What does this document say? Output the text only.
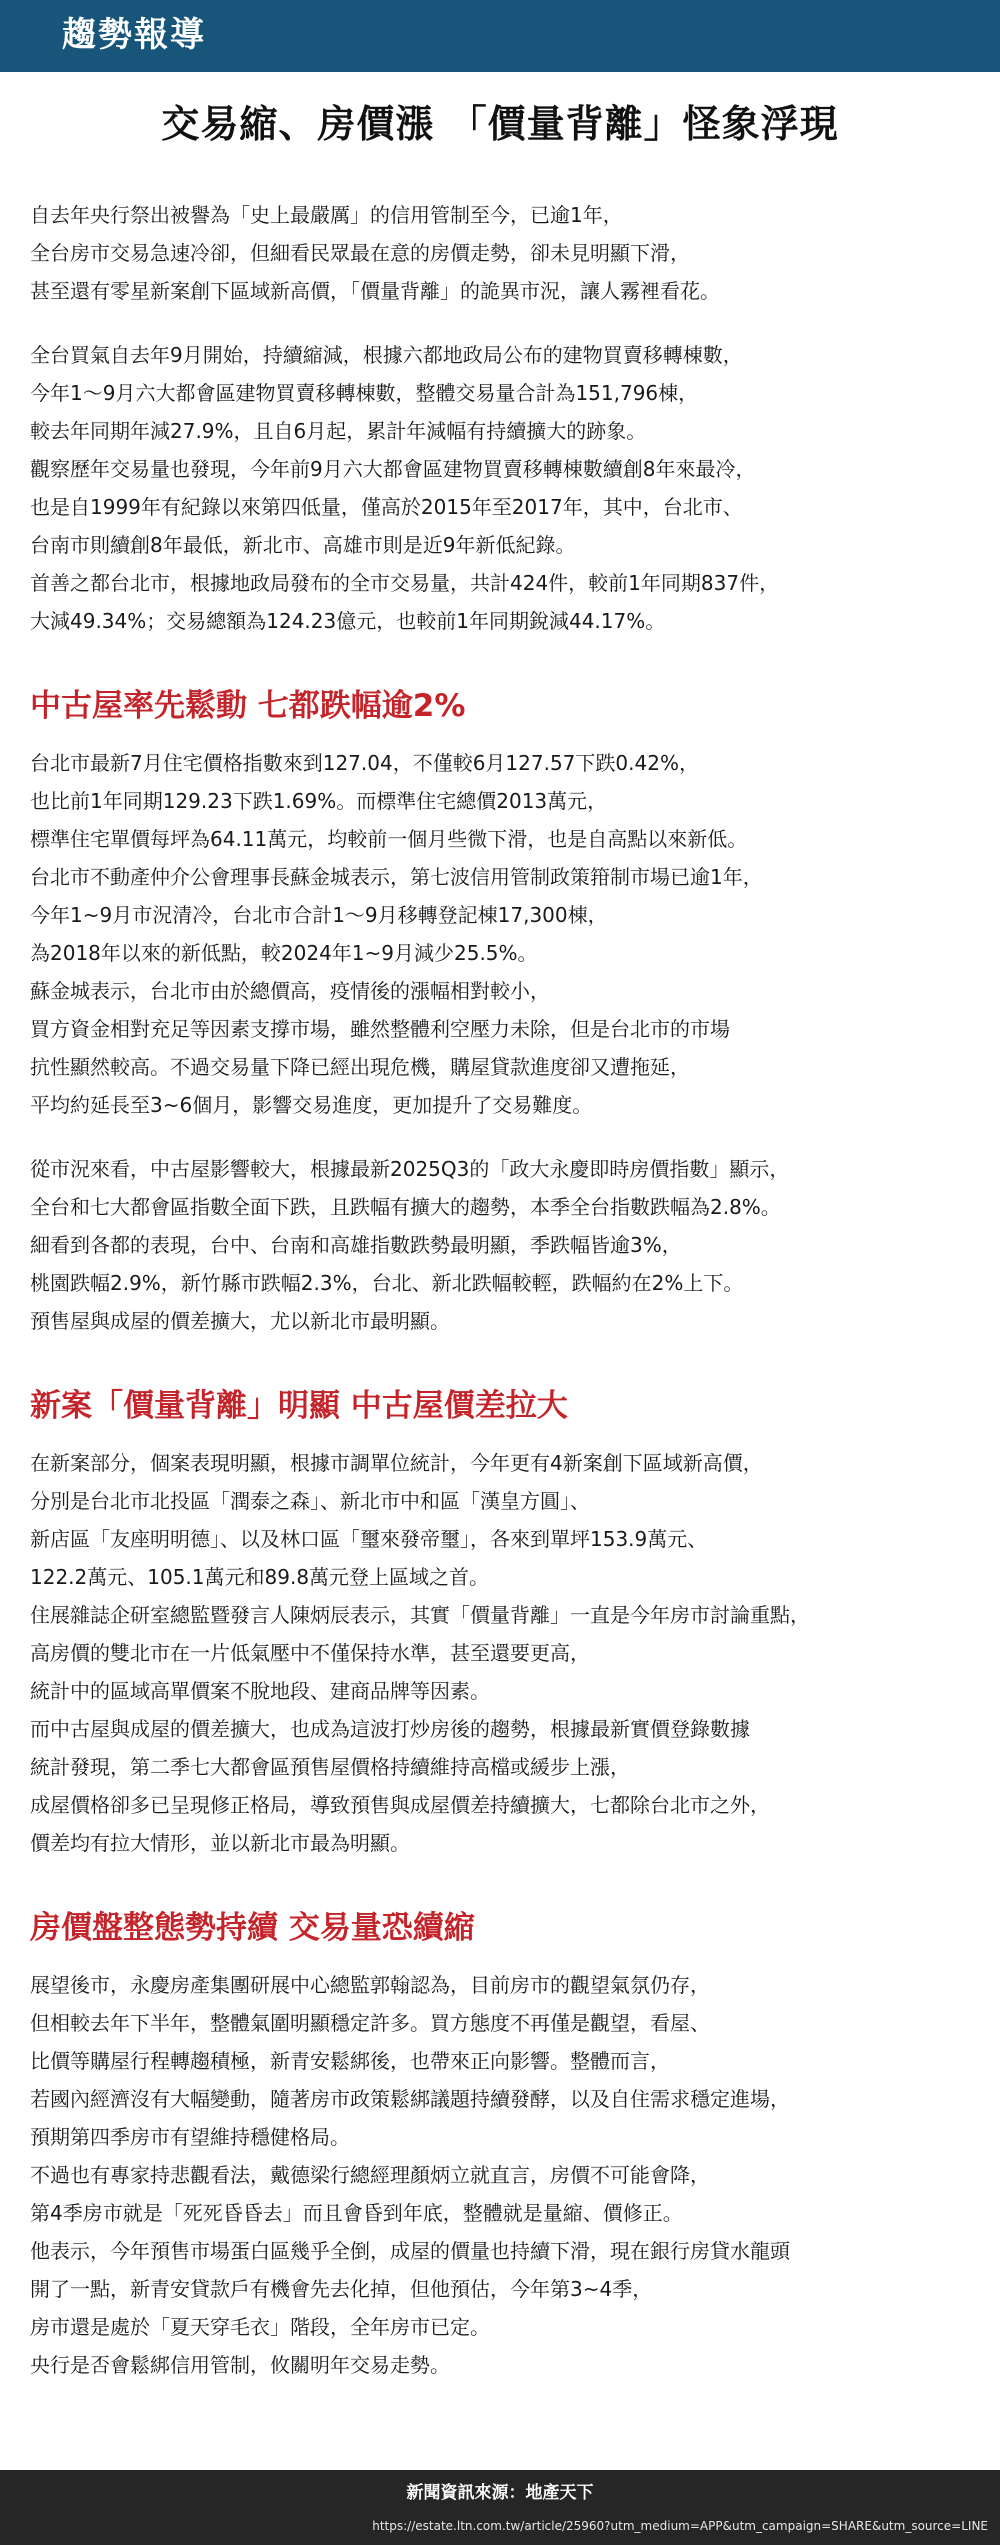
趨勢報導
交易縮、房價漲 「價量背離」怪象浮現
自去年央行祭出被譽為「史上最嚴厲」的信用管制至今，已逾1年，
全台房市交易急速冷卻，但細看民眾最在意的房價走勢，卻未見明顯下滑，
甚至還有零星新案創下區域新高價，「價量背離」的詭異市況，讓人霧裡看花。
全台買氣自去年9月開始，持續縮減，根據六都地政局公布的建物買賣移轉棟數，
今年1～9月六大都會區建物買賣移轉棟數，整體交易量合計為151,796棟，
較去年同期年減27.9%，且自6月起，累計年減幅有持續擴大的跡象。
觀察歷年交易量也發現，今年前9月六大都會區建物買賣移轉棟數續創8年來最冷，
也是自1999年有紀錄以來第四低量，僅高於2015年至2017年，其中，台北市、
台南市則續創8年最低，新北市、高雄市則是近9年新低紀錄。
首善之都台北市，根據地政局發布的全市交易量，共計424件，較前1年同期837件，
大減49.34%；交易總額為124.23億元，也較前1年同期銳減44.17%。
中古屋率先鬆動 七都跌幅逾2%
台北市最新7月住宅價格指數來到127.04，不僅較6月127.57下跌0.42%，
也比前1年同期129.23下跌1.69%。而標準住宅總價2013萬元，
標準住宅單價每坪為64.11萬元，均較前一個月些微下滑，也是自高點以來新低。
台北市不動產仲介公會理事長蘇金城表示，第七波信用管制政策箝制市場已逾1年，
今年1~9月市況清冷，台北市合計1～9月移轉登記棟17,300棟，
為2018年以來的新低點，較2024年1~9月減少25.5%。
蘇金城表示，台北市由於總價高，疫情後的漲幅相對較小，
買方資金相對充足等因素支撐市場，雖然整體利空壓力未除，但是台北市的市場
抗性顯然較高。不過交易量下降已經出現危機，購屋貸款進度卻又遭拖延，
平均約延長至3~6個月，影響交易進度，更加提升了交易難度。
從市況來看，中古屋影響較大，根據最新2025Q3的「政大永慶即時房價指數」顯示，
全台和七大都會區指數全面下跌，且跌幅有擴大的趨勢，本季全台指數跌幅為2.8%。
細看到各都的表現，台中、台南和高雄指數跌勢最明顯，季跌幅皆逾3%，
桃園跌幅2.9%，新竹縣市跌幅2.3%，台北、新北跌幅較輕，跌幅約在2%上下。
預售屋與成屋的價差擴大，尤以新北市最明顯。
新案「價量背離」明顯 中古屋價差拉大
在新案部分，個案表現明顯，根據市調單位統計，今年更有4新案創下區域新高價，
分別是台北市北投區「潤泰之森」、新北市中和區「漢皇方圓」、
新店區「友座明明德」、以及林口區「璽來發帝璽」，各來到單坪153.9萬元、
122.2萬元、105.1萬元和89.8萬元登上區域之首。
住展雜誌企研室總監暨發言人陳炳辰表示，其實「價量背離」一直是今年房市討論重點，
高房價的雙北市在一片低氣壓中不僅保持水準，甚至還要更高，
統計中的區域高單價案不脫地段、建商品牌等因素。
而中古屋與成屋的價差擴大，也成為這波打炒房後的趨勢，根據最新實價登錄數據
統計發現，第二季七大都會區預售屋價格持續維持高檔或緩步上漲，
成屋價格卻多已呈現修正格局，導致預售與成屋價差持續擴大，七都除台北市之外，
價差均有拉大情形，並以新北市最為明顯。
房價盤整態勢持續 交易量恐續縮
展望後市，永慶房產集團研展中心總監郭翰認為，目前房市的觀望氣氛仍存，
但相較去年下半年，整體氣圍明顯穩定許多。買方態度不再僅是觀望，看屋、
比價等購屋行程轉趨積極，新青安鬆綁後，也帶來正向影響。整體而言，
若國內經濟沒有大幅變動，隨著房市政策鬆綁議題持續發酵，以及自住需求穩定進場，
預期第四季房市有望維持穩健格局。
不過也有專家持悲觀看法，戴德梁行總經理顏炳立就直言，房價不可能會降，
第4季房市就是「死死昏昏去」而且會昏到年底，整體就是量縮、價修正。
他表示，今年預售市場蛋白區幾乎全倒，成屋的價量也持續下滑，現在銀行房貸水龍頭
開了一點，新青安貸款戶有機會先去化掉，但他預估，今年第3~4季，
房市還是處於「夏天穿毛衣」階段，全年房市已定。
央行是否會鬆綁信用管制，攸關明年交易走勢。
新聞資訊來源：地產天下
https://estate.ltn.com.tw/article/25960?utm_medium=APP&utm_campaign=SHARE&utm_source=LINE
